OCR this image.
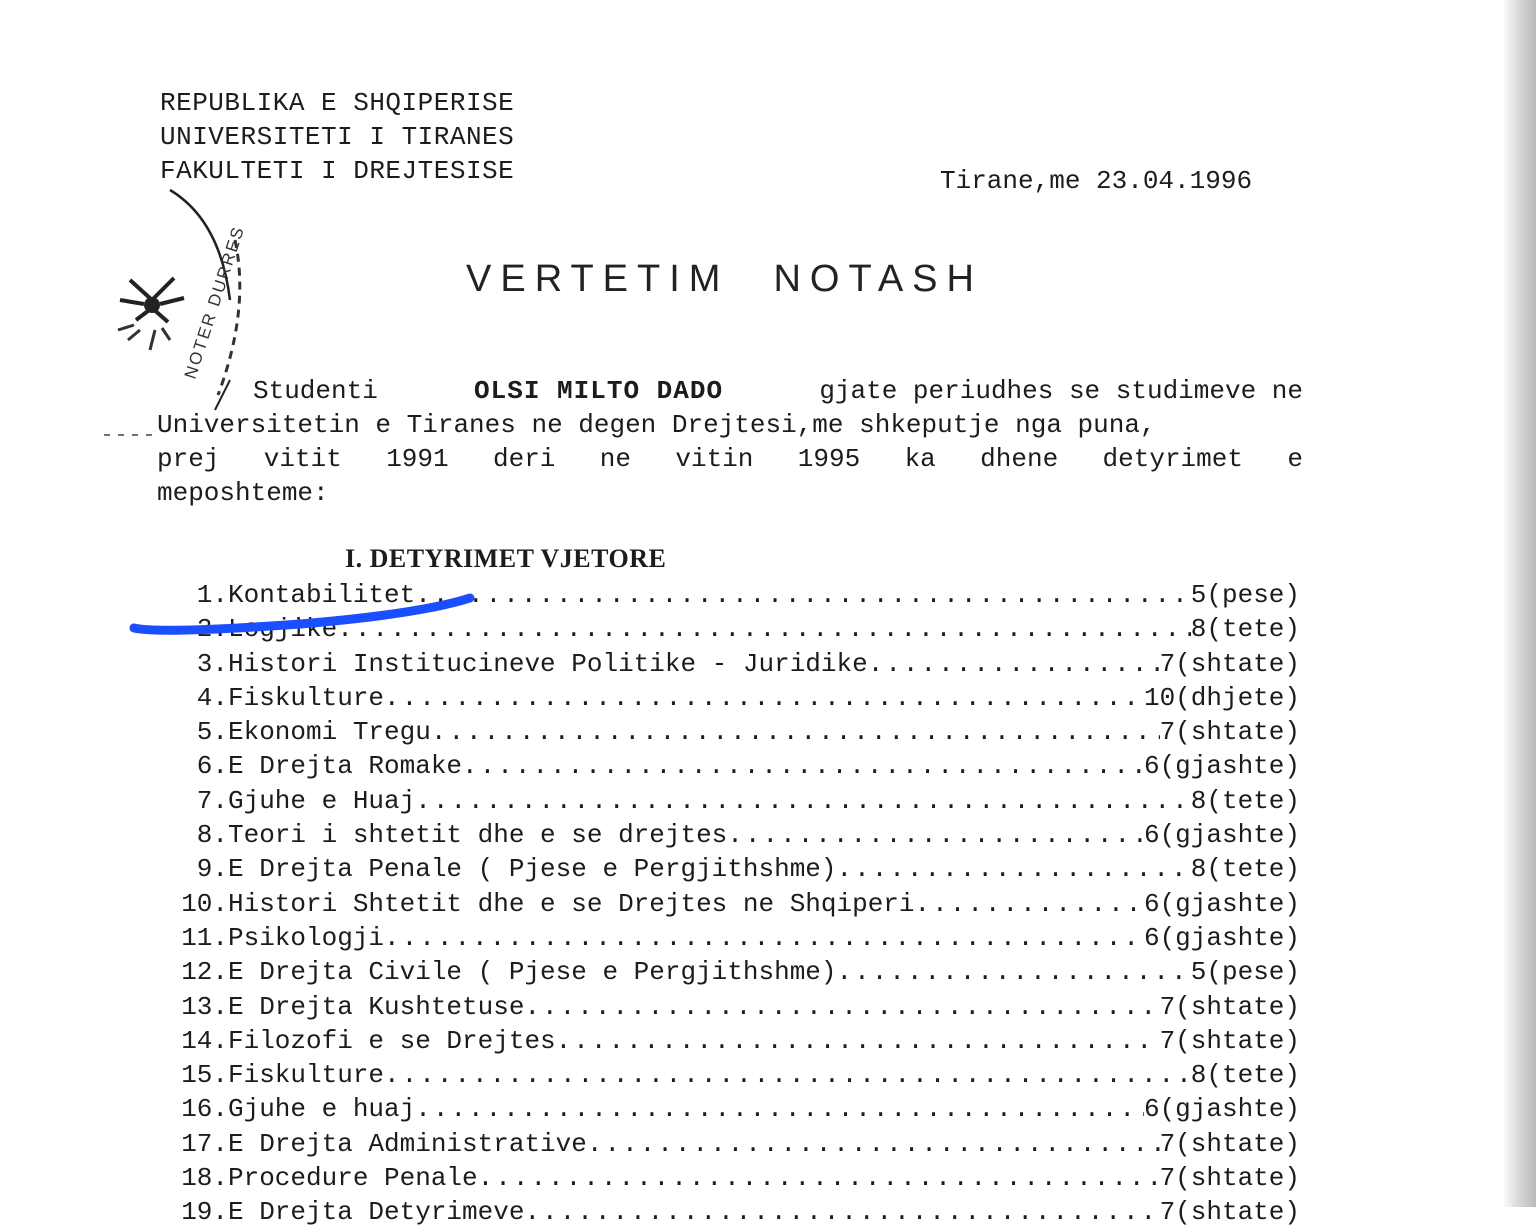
REPUBLIKA E SHQIPERISE
UNIVERSITETI I TIRANES
FAKULTETI I DREJTESISE	Tirane,me 23.04.1996
NOTER DURRES	VERTETIM NOTASH
Studenti	OLSI MILTO DADO	gjate periudhes se studimeve ne
Universitetin e Tiranes ne degen Drejtesi,me shkeputje nga puna,
prej vitit 1991 deri ne vitin 1995 ka dhene detyrimet e
meposhteme:
I. DETYRIMET VJETORE
1. Kontabilitet .....	5(pese)
2. Logjike .....	8(tete)
3. Histori Institucineve Politike - Juridike .....	7(shtate)
4. Fiskulture .....	10(dhjete)
5. Ekonomi Tregu .....	7(shtate)
6. E Drejta Romake .....	6(gjashte)
7. Gjuhe e Huaj .....	8(tete)
8. Teori i shtetit dhe e se drejtes .....	6(gjashte)
9. E Drejta Penale ( Pjese e Pergjithshme) .....	8(tete)
10. Histori Shtetit dhe e se Drejtes ne Shqiperi .....	6(gjashte)
11. Psikologji .....	6(gjashte)
12. E Drejta Civile ( Pjese e Pergjithshme) .....	5(pese)
13. E Drejta Kushtetuse .....	7(shtate)
14. Filozofi e se Drejtes .....	7(shtate)
15. Fiskulture .....	8(tete)
16. Gjuhe e huaj .....	6(gjashte)
17. E Drejta Administrative .....	7(shtate)
18. Procedure Penale .....	7(shtate)
19. E Drejta Detyrimeve .....	7(shtate)
